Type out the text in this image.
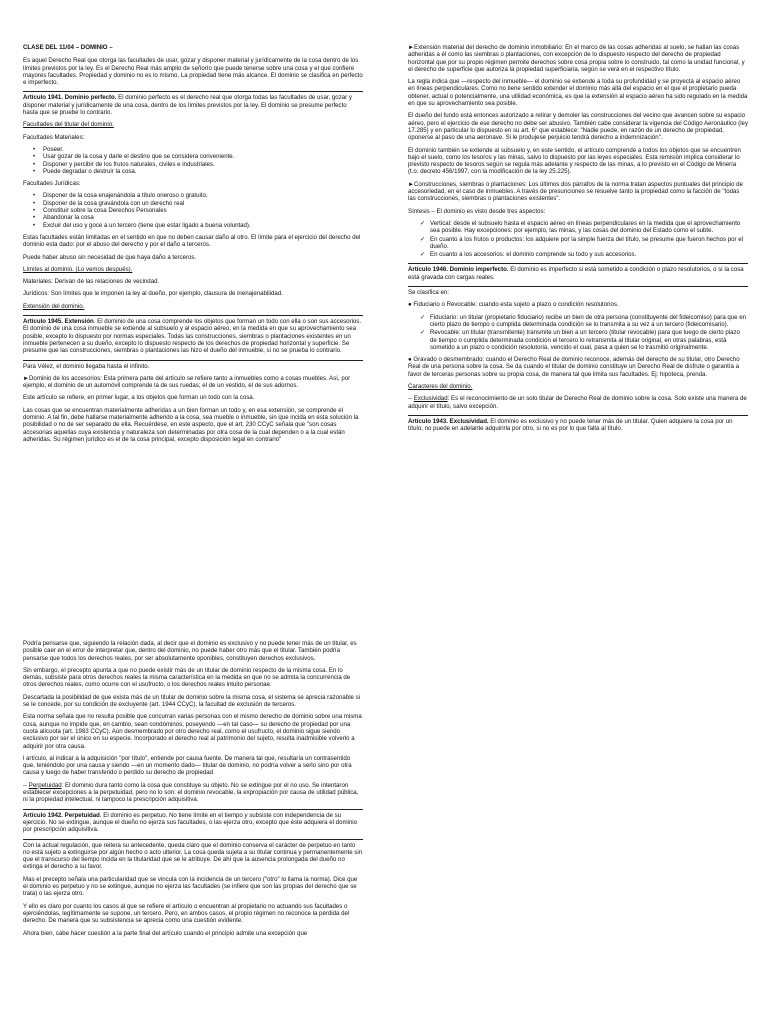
CLASE DEL 11/04 – DOMINIO –

Es aquel Derecho Real que otorga las facultades de usar, gozar y disponer material y jurídicamente de la cosa dentro de los límites previstos por la ley. Es el Derecho Real más amplio de señorío que puede tenerse sobre una cosa y el que confiere mayores facultades. Propiedad y dominio no es lo mismo. La propiedad tiene más alcance. El dominio se clasifica en perfecto e imperfecto.

Artículo 1941. Dominio perfecto. El dominio perfecto es el derecho real que otorga todas las facultades de usar, gozar y disponer material y jurídicamente de una cosa, dentro de los límites previstos por la ley. El dominio se presume perfecto hasta que se pruebe lo contrario.

Facultades del titular del dominio.

Facultades Materiales:

• Poseer.
• Usar gozar de la cosa y darle el destino que se considera conveniente.
• Disponer y percibir de los frutos naturales, civiles e industriales.
• Puede degradar o destruir la cosa.

Facultades Jurídicas:

• Disponer de la cosa enajenándola a título oneroso o gratuito,
• Disponer de la cosa gravándola con un derecho real
• Constituir sobre la cosa Derechos Personales
• Abandonar la cosa
• Excluir del uso y goce a un tercero (tiene que estar ligado a buena voluntad).

Estas facultades están limitadas en el sentido en que no deben causar daño al otro. El límite para el ejercicio del derecho del dominio esta dado: por el abuso del derecho y por el daño a terceros.

Puede haber abuso sin necesidad de que haya daño a terceros.

Límites al dominio. (Lo vemos después).

Materiales: Derivan de las relaciones de vecindad.

Jurídicos: Son límites que le imponen la ley al dueño, por ejemplo, clausura de inenajenabilidad.

Extensión del dominio.

Artículo 1945. Extensión. El dominio de una cosa comprende los objetos que forman un todo con ella o son sus accesorios. El dominio de una cosa inmueble se extiende al subsuelo y al espacio aéreo, en la medida en que su aprovechamiento sea posible, excepto lo dispuesto por normas especiales. Todas las construcciones, siembras o plantaciones existentes en un inmueble pertenecen a su dueño, excepto lo dispuesto respecto de los derechos de propiedad horizontal y superficie. Se presume que las construcciones, siembras o plantaciones las hizo el dueño del inmueble, si no se prueba lo contrario.

Para Vélez, el dominio llegaba hasta el infinito.

►Dominio de los accesorios: Esta primera parte del artículo se refiere tanto a inmuebles como a cosas muebles. Así, por ejemplo, el dominio de un automóvil comprende la de sus ruedas; el de un vestido, el de sus adornos.

Este artículo se refiere, en primer lugar, a los objetos que forman un todo con la cosa.

Las cosas que se encuentran materialmente adheridas a un bien forman un todo y, en esa extensión, se comprende el dominio. A tal fin, debe hallarse materialmente adherido a la cosa, sea mueble o inmueble, sin que incida en esta solución la posibilidad o no de ser separado de ella. Recuérdese, en este aspecto, que el art. 230 CCyC señala que "son cosas accesorias aquellas cuya existencia y naturaleza son determinadas por otra cosa de la cual dependen o a la cual están adheridas. Su régimen jurídico es el de la cosa principal, excepto disposición legal en contrario"

►Extensión material del derecho de dominio inmobiliario: En el marco de las cosas adheridas al suelo, se hallan las cosas adheridas a él como las siembras o plantaciones, con excepción de lo dispuesto respecto del derecho de propiedad horizontal que por su propio régimen permite derechos sobre cosa propia sobre lo construido, tal como la unidad funcional, y el derecho de superficie que autoriza la propiedad superficiaria, según se verá en el respectivo título.

La regla indica que —respecto del inmueble— el dominio se extiende a toda su profundidad y se proyecta al espacio aéreo en líneas perpendiculares. Como no tiene sentido extender el dominio más allá del espacio en el que el propietario pueda obtener, actual o potencialmente, una utilidad económica, es que la extensión al espacio aéreo ha sido regulado en la medida en que su aprovechamiento sea posible.

El dueño del fundo está entonces autorizado a retirar y demoler las construcciones del vecino que avancen sobre su espacio aéreo, pero el ejercicio de ese derecho no debe ser abusivo. También cabe considerar la vigencia del Código Aeronáutico (ley 17.285) y en particular lo dispuesto en su art. 6° que establece: "Nadie puede, en razón de un derecho de propiedad, oponerse al paso de una aeronave. Si le produjese perjuicio tendrá derecho a indemnización".

El dominio también se extiende al subsuelo y, en este sentido, el artículo comprende a todos los objetos que se encuentren bajo el suelo, como los tesoros y las minas, salvo lo dispuesto por las leyes especiales. Esta remisión implica considerar lo previsto respecto de tesoros según se regula más adelante y respecto de las minas, a lo previsto en el Código de Minería (t.o. decreto 456/1997, con la modificación de la ley 25.225).

►Construcciones, siembras o plantaciones: Los últimos dos párrafos de la norma tratan aspectos puntuales del principio de accesoriedad, en el caso de inmuebles. A través de presunciones se resuelve tanto la propiedad como la facción de "todas las construcciones, siembras o plantaciones existentes".

Síntesis – El dominio es visto desde tres aspectos:

✓ Vertical: desde el subsuelo hasta el espacio aéreo en líneas perpendiculares en la medida que el aprovechamiento sea posible. Hay excepciones: por ejemplo, las minas, y las cosas del dominio del Estado como el subte.
✓ En cuanto a los frutos o productos: los adquiere por la simple fuerza del título, se presume que fueron hechos por el dueño.
✓ En cuanto a los accesorios: el dominio comprende su todo y sus accesorios.

Artículo 1946. Dominio imperfecto. El dominio es imperfecto si está sometido a condición o plazo resolutorios, o si la cosa está gravada con cargas reales.

Se clasifica en:

● Fiduciario o Revocable: cuando esta sujeto a plazo o condición resolutorios.

✓ Fiduciario: un titular (propietario fiduciario) recibe un bien de otra persona (constituyente del fideicomiso) para que en cierto plazo de tiempo o cumplida determinada condición se lo transmita a su vez a un tercero (fideicomisario).
✓ Revocable: un titular (transmitente) transmite un bien a un tercero (titular revocable) para que luego de cierto plazo de tiempo o cumplida determinada condición el tercero lo retransmita al titular original, en otras palabras, está sometido a un plazo o condición resolutoria, vencido el cual, pasa a quien se lo trasmitió originalmente.

● Gravado o desmembrado: cuando el Derecho Real de dominio reconoce, además del derecho de su titular, otro Derecho Real de una persona sobre la cosa. Se da cuando el titular de dominio constituye un Derecho Real de disfrute o garantía a favor de terceras personas sobre su propia cosa, de manera tal que limita sus facultades. Ej: hipoteca, prenda.

Caracteres del dominio.

-- Exclusividad: Es el reconocimiento de un solo titular de Derecho Real de dominio sobre la cosa. Solo existe una manera de adquirir el título, salvo excepción.

Artículo 1943. Exclusividad. El dominio es exclusivo y no puede tener más de un titular. Quien adquiere la cosa por un título, no puede en adelante adquirirla por otro, si no es por lo que falta al título.

Podría pensarse que, siguiendo la relación dada, al decir que el dominio es exclusivo y no puede tener más de un titular, es posible caer en el error de interpretar que, dentro del dominio, no puede haber otro más que el titular. También podría pensarse que todos los derechos reales, por ser absolutamente oponibles, constituyen derechos exclusivos.

Sin embargo, el precepto apunta a que no puede existir más de un titular de dominio respecto de la misma cosa. En lo demás, subsiste para otros derechos reales la misma característica en la medida en que no se admita la concurrencia de otros derechos reales, como ocurre con el usufructo, o los derechos reales intuito personae.

Descartada la posibilidad de que exista más de un titular de dominio sobre la misma cosa, el sistema se aprecia razonable si se le concede, por su condición de excluyente (art. 1944 CCyC), la facultad de exclusión de terceros.

Esta norma señala que no resulta posible que concurran varias personas con el mismo derecho de dominio sobre una misma cosa, aunque no impide que, en cambio, sean condóminos; poseyendo —en tal caso— su derecho de propiedad por una cuota alícuota (art. 1983 CCyC). Aún desmembrado por otro derecho real, como el usufructo, el dominio sigue siendo exclusivo por ser el único en su especie. Incorporado el derecho real al patrimonio del sujeto, resulta inadmisible volverlo a adquirir por otra causa.

l artículo, al indicar a la adquisición "por título", entiende por causa fuente. De manera tal que, resultaría un contrasentido que, teniéndolo por una causa y siendo —en un momento dado— titular de dominio, no podría volver a serlo sino por otra causa y luego de haber transferido o perdido su derecho de propiedad

-- Perpetuidad: El dominio dura tanto como la cosa que constituye su objeto. No se extingue por el no uso. Se intentaron establecer excepciones a la perpetuidad, pero no lo son: el dominio revocable, la expropiación por causa de utilidad pública, ni la propiedad intelectual, ni tampoco la prescripción adquisitiva.

Artículo 1942. Perpetuidad. El dominio es perpetuo. No tiene límite en el tiempo y subsiste con independencia de su ejercicio. No se extingue, aunque el dueño no ejerza sus facultades, o las ejerza otro, excepto que éste adquiera el dominio por prescripción adquisitiva.

Con la actual regulación, que reitera su antecedente, queda claro que el dominio conserva el carácter de perpetuo en tanto no está sujeto a extinguirse por algún hecho o acto ulterior. La cosa queda sujeta a su titular continua y permanentemente sin que el transcurso del tiempo incida en la titularidad que se le atribuye. De ahí que la ausencia prolongada del dueño no extinga el derecho a su favor.

Mas el precepto señala una particularidad que se vincula con la incidencia de un tercero ("otro" lo llama la norma). Dice que el dominio es perpetuo y no se extingue, aunque no ejerza las facultades (se infiere que son las propias del derecho que se trata) o las ejerza otro.

Y ello es claro por cuanto los casos al que se refiere el artículo o encuentran al propietario no actuando sus facultades o ejerciéndolas, legítimamente se supone, un tercero. Pero, en ambos casos, el propio régimen no reconoce la pérdida del derecho. De manera que su subsistencia se aprecia como una cuestión evidente.

Ahora bien, cabe hacer cuestión a la parte final del artículo cuando el principio admite una excepción que
